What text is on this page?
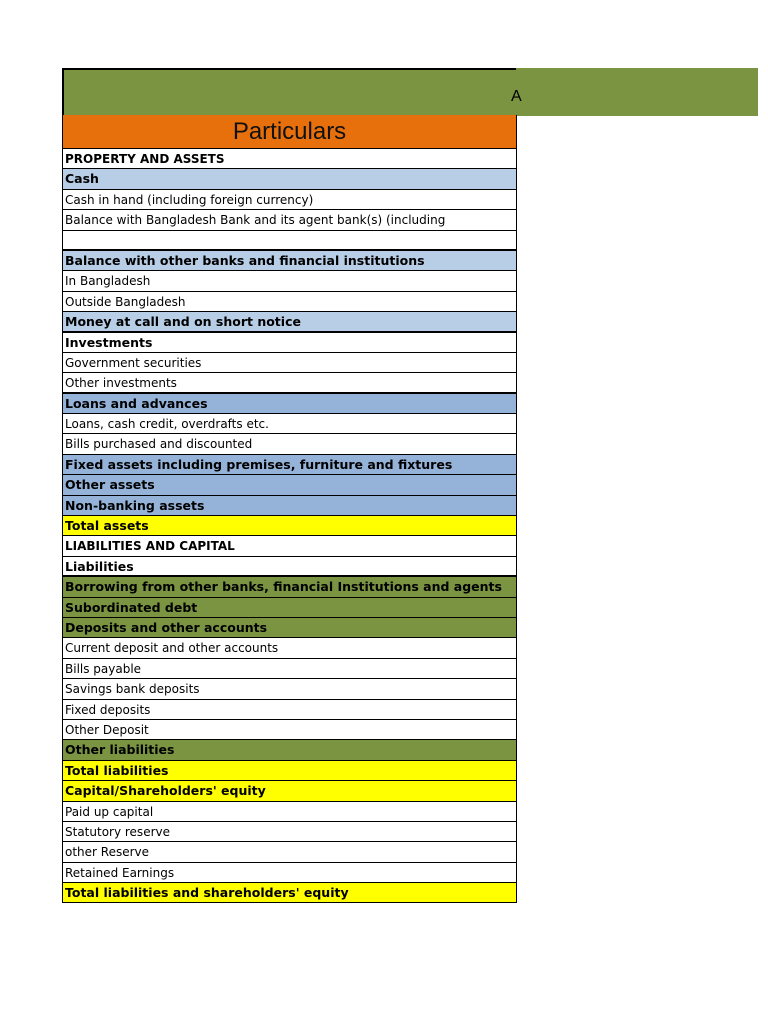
A
Particulars
PROPERTY AND ASSETS
Cash
Cash in hand (including foreign currency)
Balance with Bangladesh Bank and its agent bank(s) (including
Balance with other banks and financial institutions
In Bangladesh
Outside Bangladesh
Money at call and on short notice
Investments
Government securities
Other investments
Loans and advances
Loans, cash credit, overdrafts etc.
Bills purchased and discounted
Fixed assets including premises, furniture and fixtures
Other assets
Non-banking assets
Total assets
LIABILITIES AND CAPITAL
Liabilities
Borrowing from other banks, financial Institutions and agents
Subordinated debt
Deposits and other accounts
Current deposit and other accounts
Bills payable
Savings bank deposits
Fixed deposits
Other Deposit
Other liabilities
Total liabilities
Capital/Shareholders' equity
Paid up capital
Statutory reserve
other Reserve
Retained Earnings
Total liabilities and shareholders' equity
